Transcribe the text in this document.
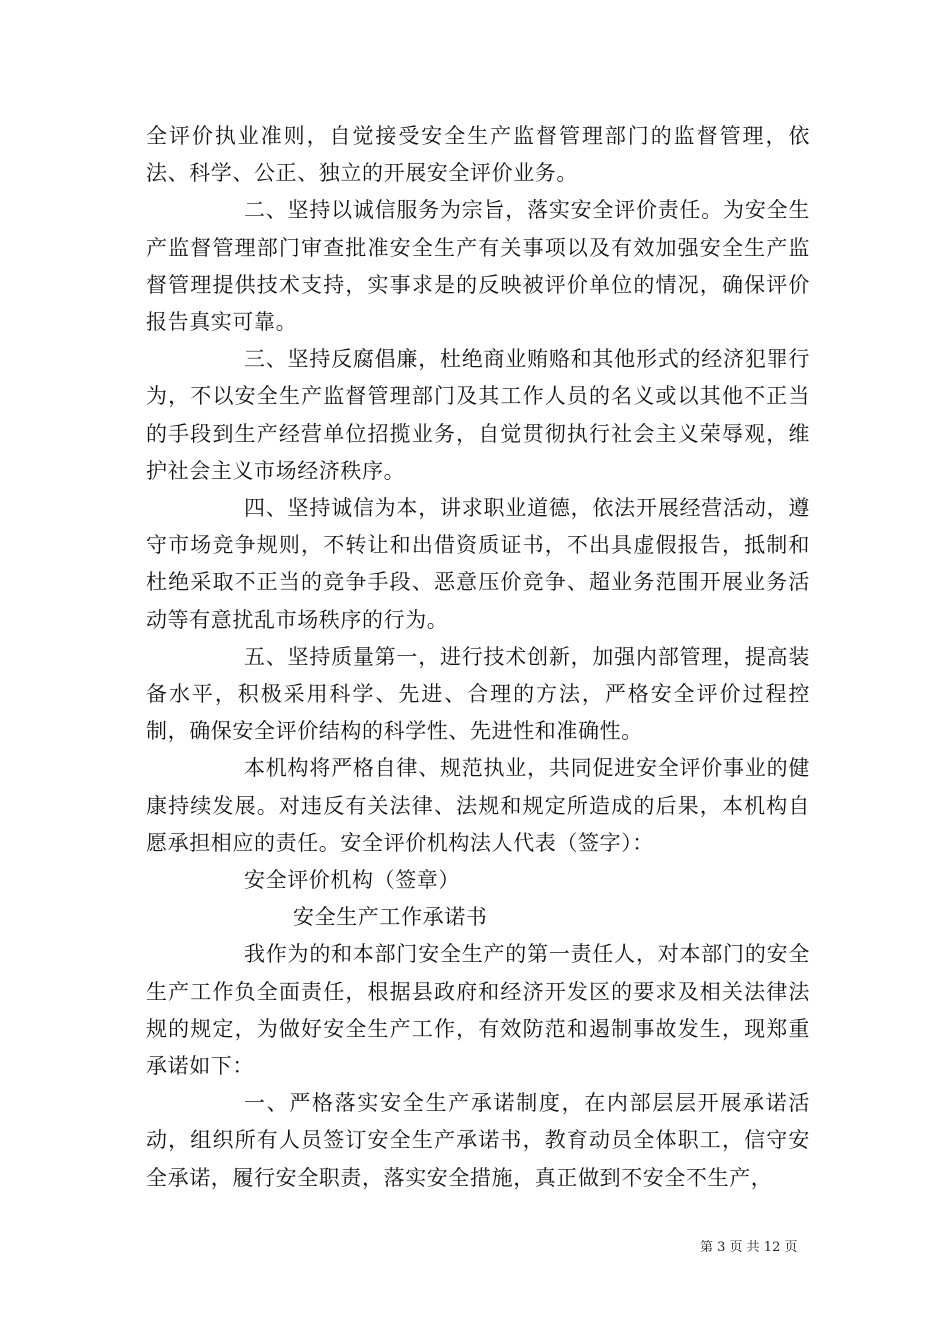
全评价执业准则，自觉接受安全生产监督管理部门的监督管理，依法、科学、公正、独立的开展安全评价业务。

二、坚持以诚信服务为宗旨，落实安全评价责任。为安全生产监督管理部门审查批准安全生产有关事项以及有效加强安全生产监督管理提供技术支持，实事求是的反映被评价单位的情况，确保评价报告真实可靠。

三、坚持反腐倡廉，杜绝商业贿赂和其他形式的经济犯罪行为，不以安全生产监督管理部门及其工作人员的名义或以其他不正当的手段到生产经营单位招揽业务，自觉贯彻执行社会主义荣辱观，维护社会主义市场经济秩序。

四、坚持诚信为本，讲求职业道德，依法开展经营活动，遵守市场竞争规则，不转让和出借资质证书，不出具虚假报告，抵制和杜绝采取不正当的竞争手段、恶意压价竞争、超业务范围开展业务活动等有意扰乱市场秩序的行为。

五、坚持质量第一，进行技术创新，加强内部管理，提高装备水平，积极采用科学、先进、合理的方法，严格安全评价过程控制，确保安全评价结构的科学性、先进性和准确性。

本机构将严格自律、规范执业，共同促进安全评价事业的健康持续发展。对违反有关法律、法规和规定所造成的后果，本机构自愿承担相应的责任。安全评价机构法人代表（签字）：

安全评价机构（签章）

安全生产工作承诺书

我作为的和本部门安全生产的第一责任人，对本部门的安全生产工作负全面责任，根据县政府和经济开发区的要求及相关法律法规的规定，为做好安全生产工作，有效防范和遏制事故发生，现郑重承诺如下：

一、严格落实安全生产承诺制度，在内部层层开展承诺活动，组织所有人员签订安全生产承诺书，教育动员全体职工，信守安全承诺，履行安全职责，落实安全措施，真正做到不安全不生产，

第 3 页 共 12 页
